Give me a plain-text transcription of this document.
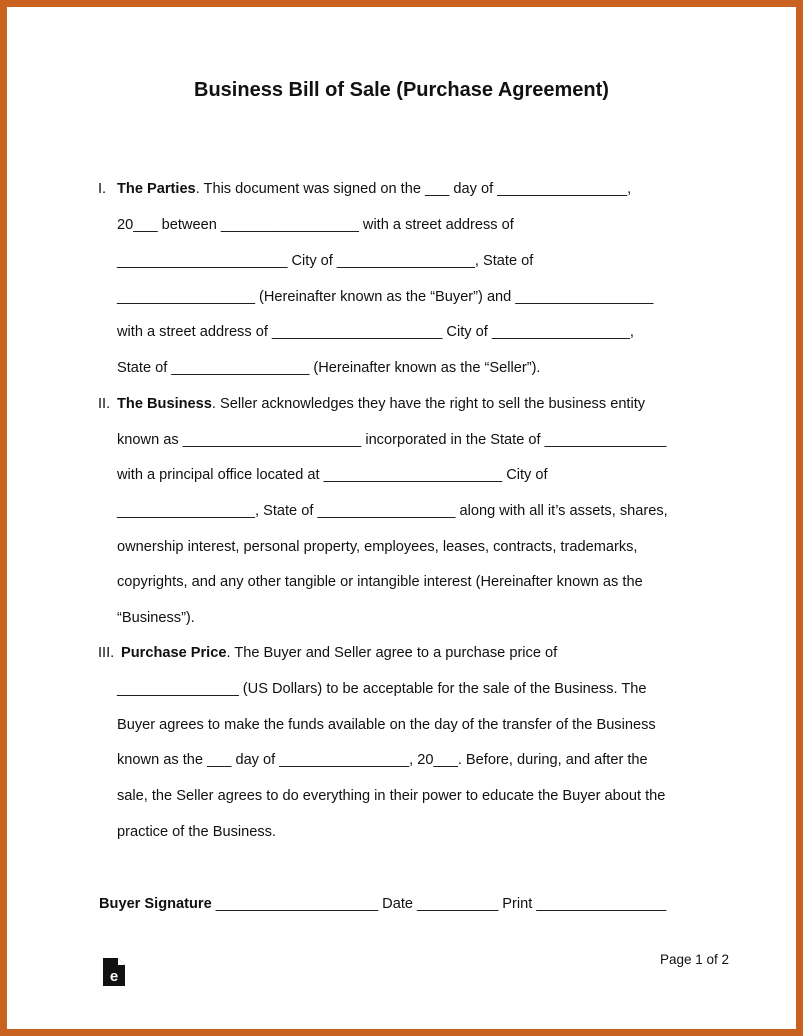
Business Bill of Sale (Purchase Agreement)
I. The Parties. This document was signed on the ___ day of ________________,
20___ between _________________ with a street address of
_____________________ City of _________________, State of
_________________ (Hereinafter known as the “Buyer”) and _________________
with a street address of _____________________ City of _________________,
State of _________________ (Hereinafter known as the “Seller”).
II. The Business. Seller acknowledges they have the right to sell the business entity
known as ______________________ incorporated in the State of _______________
with a principal office located at ______________________ City of
_________________, State of _________________ along with all it’s assets, shares,
ownership interest, personal property, employees, leases, contracts, trademarks,
copyrights, and any other tangible or intangible interest (Hereinafter known as the
“Business”).
III. Purchase Price. The Buyer and Seller agree to a purchase price of
_______________ (US Dollars) to be acceptable for the sale of the Business. The
Buyer agrees to make the funds available on the day of the transfer of the Business
known as the ___ day of ________________, 20___. Before, during, and after the
sale, the Seller agrees to do everything in their power to educate the Buyer about the
practice of the Business.
Buyer Signature ____________________ Date __________ Print ________________
e
Page 1 of 2
